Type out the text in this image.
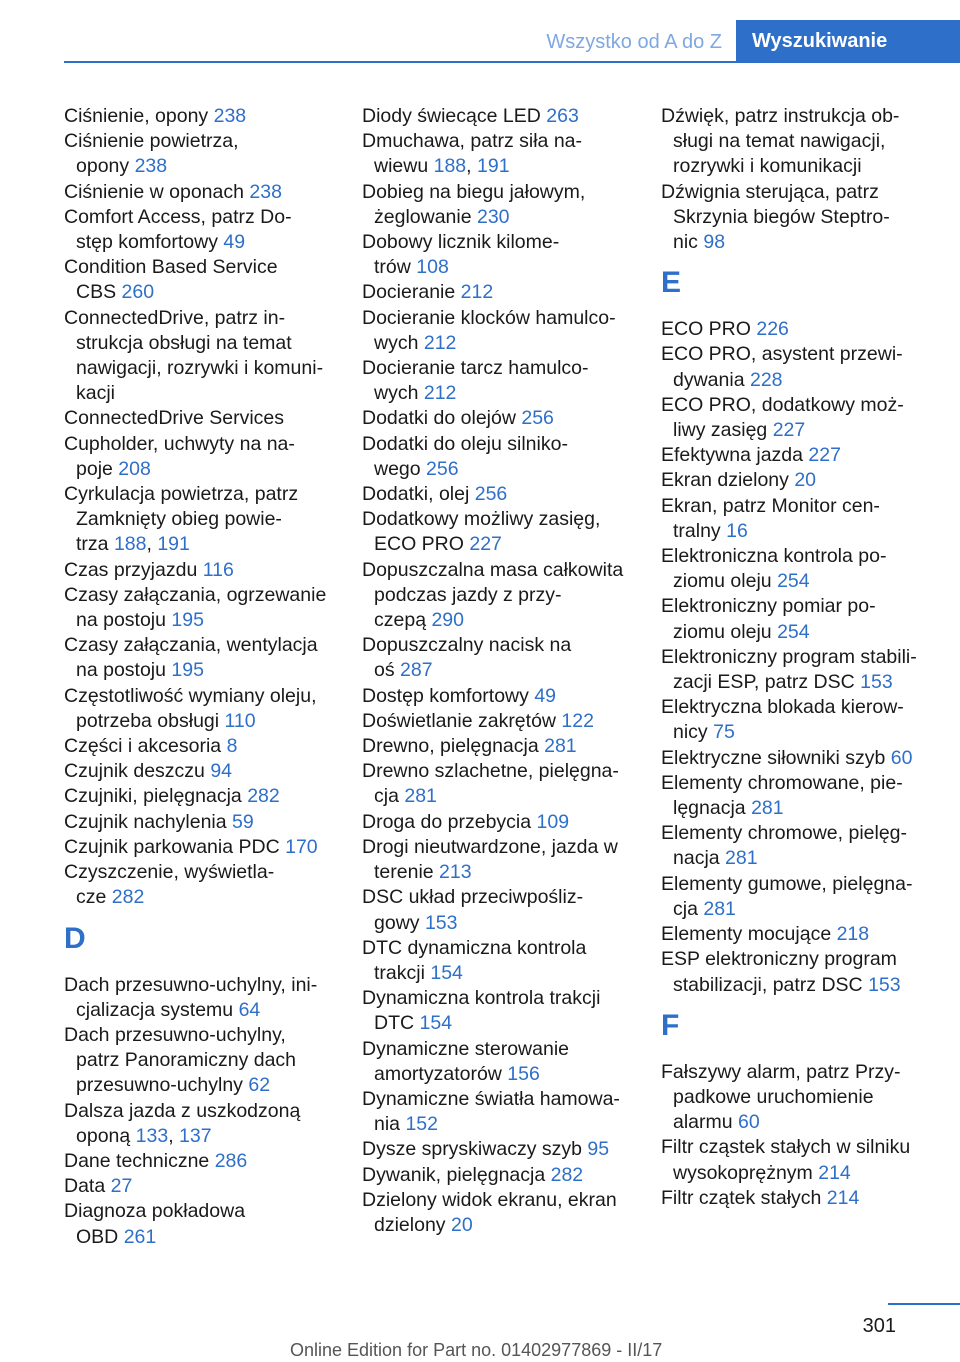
Wszystko od A do Z	Wyszukiwanie
Ciśnienie, opony 238
Ciśnienie powietrza,
opony 238
Ciśnienie w oponach 238
Comfort Access, patrz Do‐
stęp komfortowy 49
Condition Based Service
CBS 260
ConnectedDrive, patrz in‐
strukcja obsługi na temat
nawigacji, rozrywki i komuni‐
kacji
ConnectedDrive Services
Cupholder, uchwyty na na‐
poje 208
Cyrkulacja powietrza, patrz
Zamknięty obieg powie‐
trza 188, 191
Czas przyjazdu 116
Czasy załączania, ogrzewanie
na postoju 195
Czasy załączania, wentylacja
na postoju 195
Częstotliwość wymiany oleju,
potrzeba obsługi 110
Części i akcesoria 8
Czujnik deszczu 94
Czujniki, pielęgnacja 282
Czujnik nachylenia 59
Czujnik parkowania PDC 170
Czyszczenie, wyświetla‐
cze 282
D
Dach przesuwno-uchylny, ini‐
cjalizacja systemu 64
Dach przesuwno-uchylny,
patrz Panoramiczny dach
przesuwno-uchylny 62
Dalsza jazda z uszkodzoną
oponą 133, 137
Dane techniczne 286
Data 27
Diagnoza pokładowa
OBD 261
Diody świecące LED 263
Dmuchawa, patrz siła na‐
wiewu 188, 191
Dobieg na biegu jałowym,
żeglowanie 230
Dobowy licznik kilome‐
trów 108
Docieranie 212
Docieranie klocków hamulco‐
wych 212
Docieranie tarcz hamulco‐
wych 212
Dodatki do olejów 256
Dodatki do oleju silniko‐
wego 256
Dodatki, olej 256
Dodatkowy możliwy zasięg,
ECO PRO 227
Dopuszczalna masa całkowita
podczas jazdy z przy‐
czepą 290
Dopuszczalny nacisk na
oś 287
Dostęp komfortowy 49
Doświetlanie zakrętów 122
Drewno, pielęgnacja 281
Drewno szlachetne, pielęgna‐
cja 281
Droga do przebycia 109
Drogi nieutwardzone, jazda w
terenie 213
DSC układ przeciwpośliz‐
gowy 153
DTC dynamiczna kontrola
trakcji 154
Dynamiczna kontrola trakcji
DTC 154
Dynamiczne sterowanie
amortyzatorów 156
Dynamiczne światła hamowa‐
nia 152
Dysze spryskiwaczy szyb 95
Dywanik, pielęgnacja 282
Dzielony widok ekranu, ekran
dzielony 20
Dźwięk, patrz instrukcja ob‐
sługi na temat nawigacji,
rozrywki i komunikacji
Dźwignia sterująca, patrz
Skrzynia biegów Steptro‐
nic 98
E
ECO PRO 226
ECO PRO, asystent przewi‐
dywania 228
ECO PRO, dodatkowy moż‐
liwy zasięg 227
Efektywna jazda 227
Ekran dzielony 20
Ekran, patrz Monitor cen‐
tralny 16
Elektroniczna kontrola po‐
ziomu oleju 254
Elektroniczny pomiar po‐
ziomu oleju 254
Elektroniczny program stabili‐
zacji ESP, patrz DSC 153
Elektryczna blokada kierow‐
nicy 75
Elektryczne siłowniki szyb 60
Elementy chromowane, pie‐
lęgnacja 281
Elementy chromowe, pielęg‐
nacja 281
Elementy gumowe, pielęgna‐
cja 281
Elementy mocujące 218
ESP elektroniczny program
stabilizacji, patrz DSC 153
F
Fałszywy alarm, patrz Przy‐
padkowe uruchomienie
alarmu 60
Filtr cząstek stałych w silniku
wysokoprężnym 214
Filtr czątek stałych 214
301
Online Edition for Part no. 01402977869 - II/17
